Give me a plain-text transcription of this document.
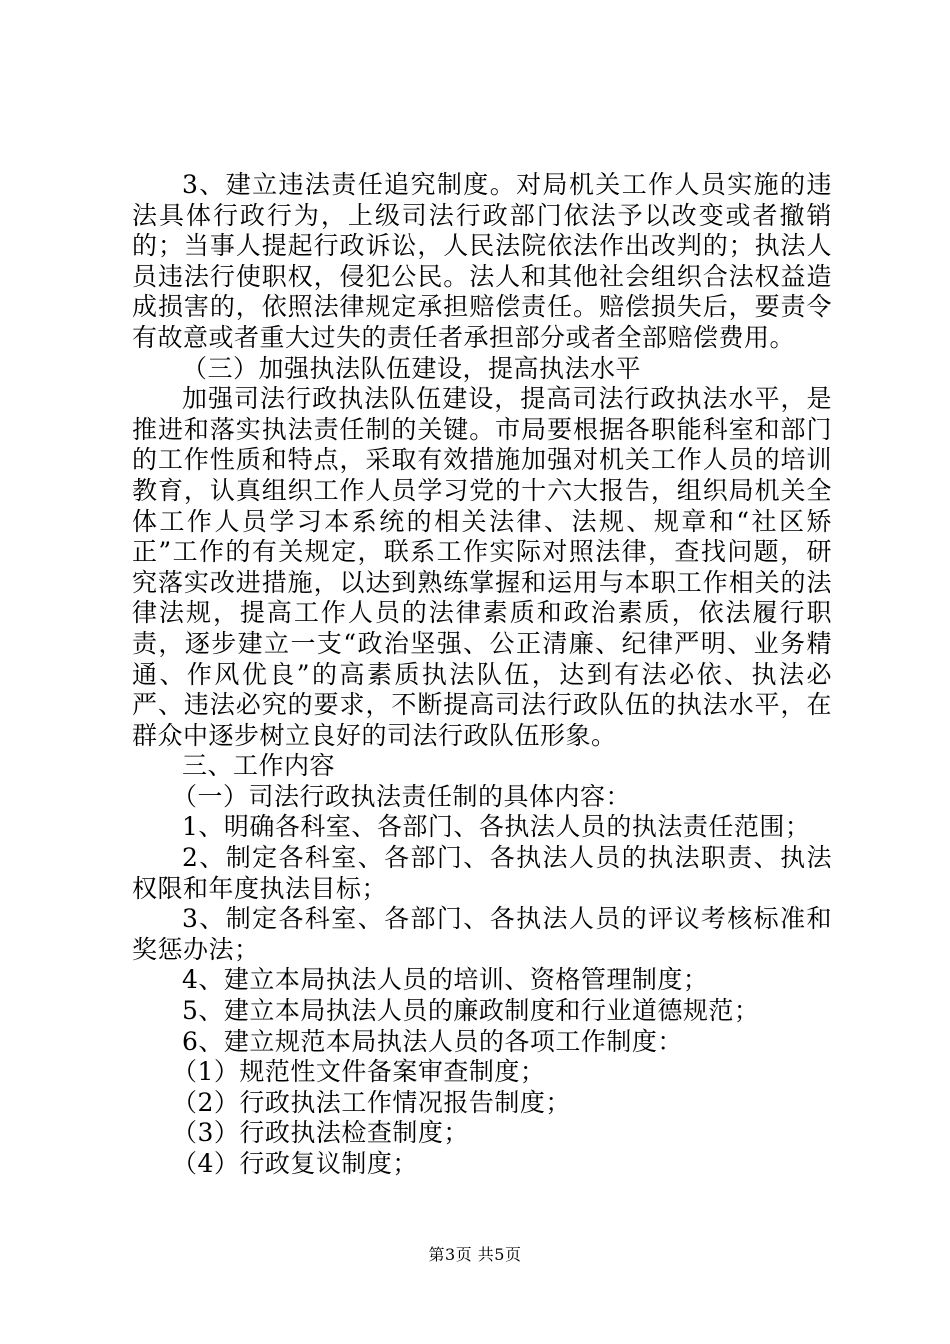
3、建立违法责任追究制度。对局机关工作人员实施的违法具体行政行为，上级司法行政部门依法予以改变或者撤销的；当事人提起行政诉讼，人民法院依法作出改判的；执法人员违法行使职权，侵犯公民。法人和其他社会组织合法权益造成损害的，依照法律规定承担赔偿责任。赔偿损失后，要责令有故意或者重大过失的责任者承担部分或者全部赔偿费用。

（三）加强执法队伍建设，提高执法水平

加强司法行政执法队伍建设，提高司法行政执法水平，是推进和落实执法责任制的关键。市局要根据各职能科室和部门的工作性质和特点，采取有效措施加强对机关工作人员的培训教育，认真组织工作人员学习党的十六大报告，组织局机关全体工作人员学习本系统的相关法律、法规、规章和“社区矫正”工作的有关规定，联系工作实际对照法律，查找问题，研究落实改进措施，以达到熟练掌握和运用与本职工作相关的法律法规，提高工作人员的法律素质和政治素质，依法履行职责，逐步建立一支“政治坚强、公正清廉、纪律严明、业务精通、作风优良”的高素质执法队伍，达到有法必依、执法必严、违法必究的要求，不断提高司法行政队伍的执法水平，在群众中逐步树立良好的司法行政队伍形象。

三、工作内容

（一）司法行政执法责任制的具体内容：

1、明确各科室、各部门、各执法人员的执法责任范围；

2、制定各科室、各部门、各执法人员的执法职责、执法权限和年度执法目标；

3、制定各科室、各部门、各执法人员的评议考核标准和奖惩办法；

4、建立本局执法人员的培训、资格管理制度；

5、建立本局执法人员的廉政制度和行业道德规范；

6、建立规范本局执法人员的各项工作制度：

（1）规范性文件备案审查制度；

（2）行政执法工作情况报告制度；

（3）行政执法检查制度；

（4）行政复议制度；

第3页 共5页
